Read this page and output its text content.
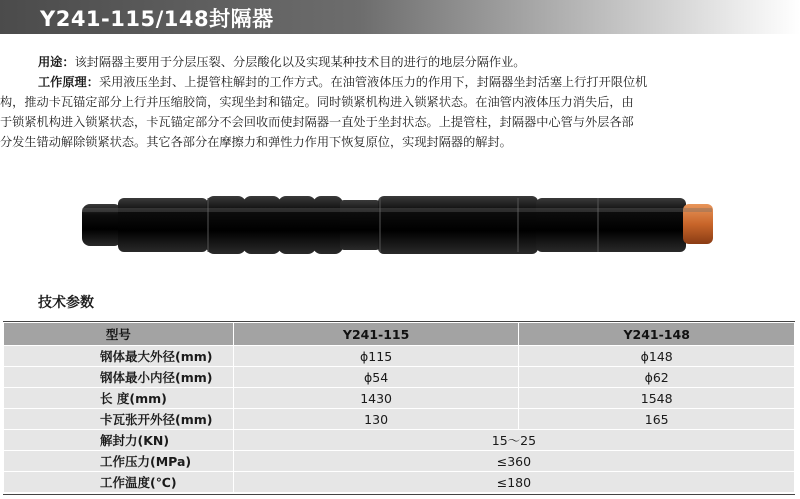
Y241-115/148封隔器

用途：该封隔器主要用于分层压裂、分层酸化以及实现某种技术目的进行的地层分隔作业。

工作原理：采用液压坐封、上提管柱解封的工作方式。在油管液体压力的作用下，封隔器坐封活塞上行打开限位机

构，推动卡瓦锚定部分上行并压缩胶筒，实现坐封和锚定。同时锁紧机构进入锁紧状态。在油管内液体压力消失后，由

于锁紧机构进入锁紧状态，卡瓦锚定部分不会回收而使封隔器一直处于坐封状态。上提管柱，封隔器中心管与外层各部

分发生错动解除锁紧状态。其它各部分在摩擦力和弹性力作用下恢复原位，实现封隔器的解封。

技术参数
型号	Y241-115	Y241-148
钢体最大外径(mm)	ϕ115	ϕ148
钢体最小内径(mm)	ϕ54	ϕ62
长 度(mm)	1430	1548
卡瓦张开外径(mm)	130	165
解封力(KN)	15～25	
工作压力(MPa)	≤360	
工作温度(℃)	≤180	
